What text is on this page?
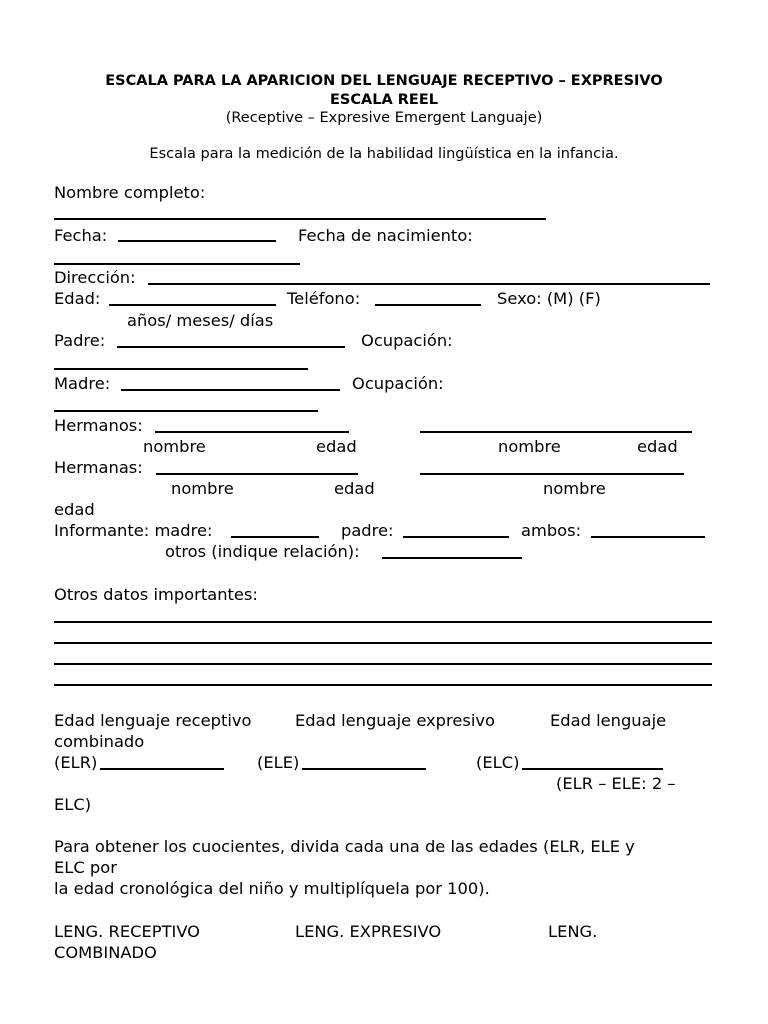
ESCALA PARA LA APARICION DEL LENGUAJE RECEPTIVO – EXPRESIVO
ESCALA REEL
(Receptive – Expresive Emergent Languaje)
Escala para la medición de la habilidad lingüística en la infancia.
Nombre completo:
Fecha:	Fecha de nacimiento:
Dirección:
Edad:	Teléfono:	Sexo: (M) (F)
años/ meses/ días
Padre:	Ocupación:
Madre:	Ocupación:
Hermanos:
nombre	edad	nombre	edad
Hermanas:
nombre	edad	nombre
edad
Informante: madre:	padre:	ambos:
otros (indique relación):
Otros datos importantes:
Edad lenguaje receptivo	Edad lenguaje expresivo	Edad lenguaje
combinado
(ELR)	(ELE)	(ELC)
(ELR – ELE: 2 –
ELC)
Para obtener los cuocientes, divida cada una de las edades (ELR, ELE y
ELC por
la edad cronológica del niño y multiplíquela por 100).
LENG. RECEPTIVO	LENG. EXPRESIVO	LENG.
COMBINADO
